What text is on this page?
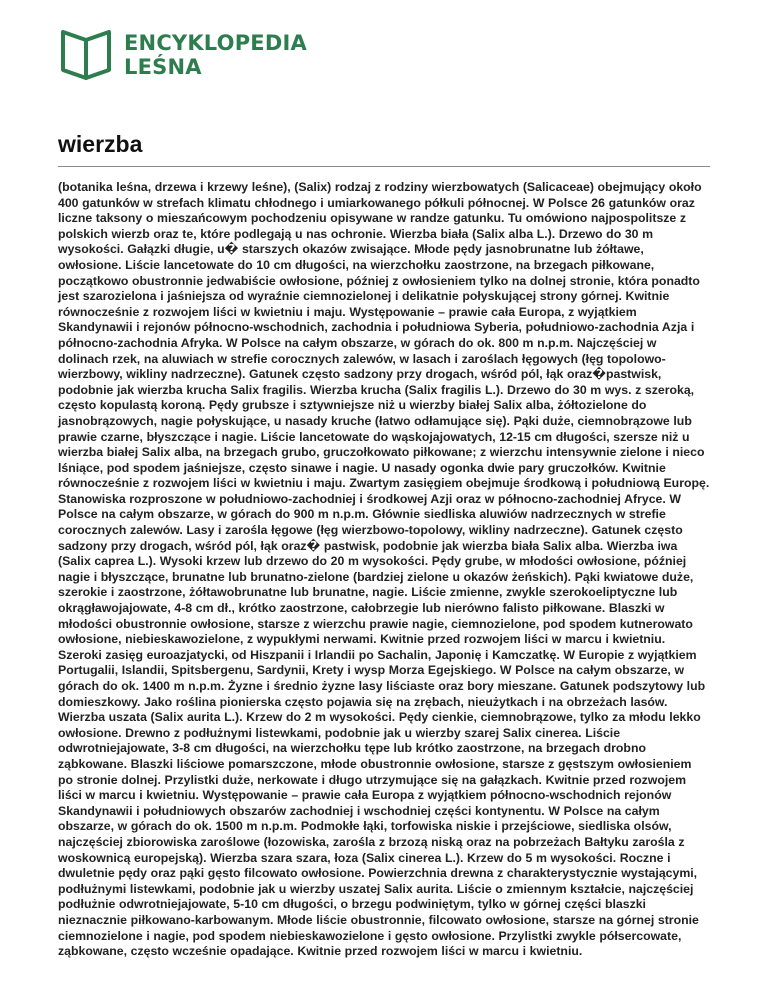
ENCYKLOPEDIA
LEŚNA
wierzba

(botanika leśna, drzewa i krzewy leśne), (Salix) rodzaj z rodziny wierzbowatych (Salicaceae) obejmujący około 400 gatunków w strefach klimatu chłodnego i umiarkowanego półkuli północnej. W Polsce 26 gatunków oraz liczne taksony o mieszańcowym pochodzeniu opisywane w randze gatunku. Tu omówiono najpospolitsze z polskich wierzb oraz te, które podlegają u nas ochronie. Wierzba biała (Salix alba L.). Drzewo do 30 m wysokości. Gałązki długie, u� starszych okazów zwisające. Młode pędy jasnobrunatne lub żółtawe, owłosione. Liście lancetowate do 10 cm długości, na wierzchołku zaostrzone, na brzegach piłkowane, początkowo obustronnie jedwabiście owłosione, później z owłosieniem tylko na dolnej stronie, która ponadto jest szarozielona i jaśniejsza od wyraźnie ciemnozielonej i delikatnie połyskującej strony górnej. Kwitnie równocześnie z rozwojem liści w kwietniu i maju. Występowanie – prawie cała Europa, z wyjątkiem Skandynawii i rejonów północno-wschodnich, zachodnia i południowa Syberia, południowo-zachodnia Azja i północno-zachodnia Afryka. W Polsce na całym obszarze, w górach do ok. 800 m n.p.m. Najczęściej w dolinach rzek, na aluwiach w strefie corocznych zalewów, w lasach i zaroślach łęgowych (łęg topolowo-wierzbowy, wikliny nadrzeczne). Gatunek często sadzony przy drogach, wśród pól, łąk oraz�pastwisk, podobnie jak wierzba krucha Salix fragilis. Wierzba krucha (Salix fragilis L.). Drzewo do 30 m wys. z szeroką, często kopulastą koroną. Pędy grubsze i sztywniejsze niż u wierzby białej Salix alba, żółtozielone do jasnobrązowych, nagie połyskujące, u nasady kruche (łatwo odłamujące się). Pąki duże, ciemnobrązowe lub prawie czarne, błyszczące i nagie. Liście lancetowate do wąskojajowatych, 12-15 cm długości, szersze niż u wierzba białej Salix alba, na brzegach grubo, gruczołkowato piłkowane; z wierzchu intensywnie zielone i nieco lśniące, pod spodem jaśniejsze, często sinawe i nagie. U nasady ogonka dwie pary gruczołków. Kwitnie równocześnie z rozwojem liści w kwietniu i maju. Zwartym zasięgiem obejmuje środkową i południową Europę. Stanowiska rozproszone w południowo-zachodniej i środkowej Azji oraz w północno-zachodniej Afryce. W Polsce na całym obszarze, w górach do 900 m n.p.m. Głównie siedliska aluwiów nadrzecznych w strefie corocznych zalewów. Lasy i zarośla łęgowe (łęg wierzbowo-topolowy, wikliny nadrzeczne). Gatunek często sadzony przy drogach, wśród pól, łąk oraz� pastwisk, podobnie jak wierzba biała Salix alba. Wierzba iwa (Salix caprea L.). Wysoki krzew lub drzewo do 20 m wysokości. Pędy grube, w młodości owłosione, później nagie i błyszczące, brunatne lub brunatno-zielone (bardziej zielone u okazów żeńskich). Pąki kwiatowe duże, szerokie i zaostrzone, żółtawobrunatne lub brunatne, nagie. Liście zmienne, zwykle szerokoeliptyczne lub okrągławojajowate, 4-8 cm dł., krótko zaostrzone, całobrzegie lub nierówno falisto piłkowane. Blaszki w młodości obustronnie owłosione, starsze z wierzchu prawie nagie, ciemnozielone, pod spodem kutnerowato owłosione, niebieskawozielone, z wypukłymi nerwami. Kwitnie przed rozwojem liści w marcu i kwietniu. Szeroki zasięg euroazjatycki, od Hiszpanii i Irlandii po Sachalin, Japonię i Kamczatkę. W Europie z wyjątkiem Portugalii, Islandii, Spitsbergenu, Sardynii, Krety i wysp Morza Egejskiego. W Polsce na całym obszarze, w górach do ok. 1400 m n.p.m. Żyzne i średnio żyzne lasy liściaste oraz bory mieszane. Gatunek podszytowy lub domieszkowy. Jako roślina pionierska często pojawia się na zrębach, nieużytkach i na obrzeżach lasów. Wierzba uszata (Salix aurita L.). Krzew do 2 m wysokości. Pędy cienkie, ciemnobrązowe, tylko za młodu lekko owłosione. Drewno z podłużnymi listewkami, podobnie jak u wierzby szarej Salix cinerea. Liście odwrotniejajowate, 3-8 cm długości, na wierzchołku tępe lub krótko zaostrzone, na brzegach drobno ząbkowane. Blaszki liściowe pomarszczone, młode obustronnie owłosione, starsze z gęstszym owłosieniem po stronie dolnej. Przylistki duże, nerkowate i długo utrzymujące się na gałązkach. Kwitnie przed rozwojem liści w marcu i kwietniu. Występowanie – prawie cała Europa z wyjątkiem północno-wschodnich rejonów Skandynawii i południowych obszarów zachodniej i wschodniej części kontynentu. W Polsce na całym obszarze, w górach do ok. 1500 m n.p.m. Podmokłe łąki, torfowiska niskie i przejściowe, siedliska olsów, najczęściej zbiorowiska zaroślowe (łozowiska, zarośla z brzozą niską oraz na pobrzeżach Bałtyku zarośla z woskownicą europejską). Wierzba szara szara, łoza (Salix cinerea L.). Krzew do 5 m wysokości. Roczne i dwuletnie pędy oraz pąki gęsto filcowato owłosione. Powierzchnia drewna z charakterystycznie wystającymi, podłużnymi listewkami, podobnie jak u wierzby uszatej Salix aurita. Liście o zmiennym kształcie, najczęściej podłużnie odwrotniejajowate, 5-10 cm długości, o brzegu podwiniętym, tylko w górnej części blaszki nieznacznie piłkowano-karbowanym. Młode liście obustronnie, filcowato owłosione, starsze na górnej stronie ciemnozielone i nagie, pod spodem niebieskawozielone i gęsto owłosione. Przylistki zwykle półsercowate, ząbkowane, często wcześnie opadające. Kwitnie przed rozwojem liści w marcu i kwietniu.
